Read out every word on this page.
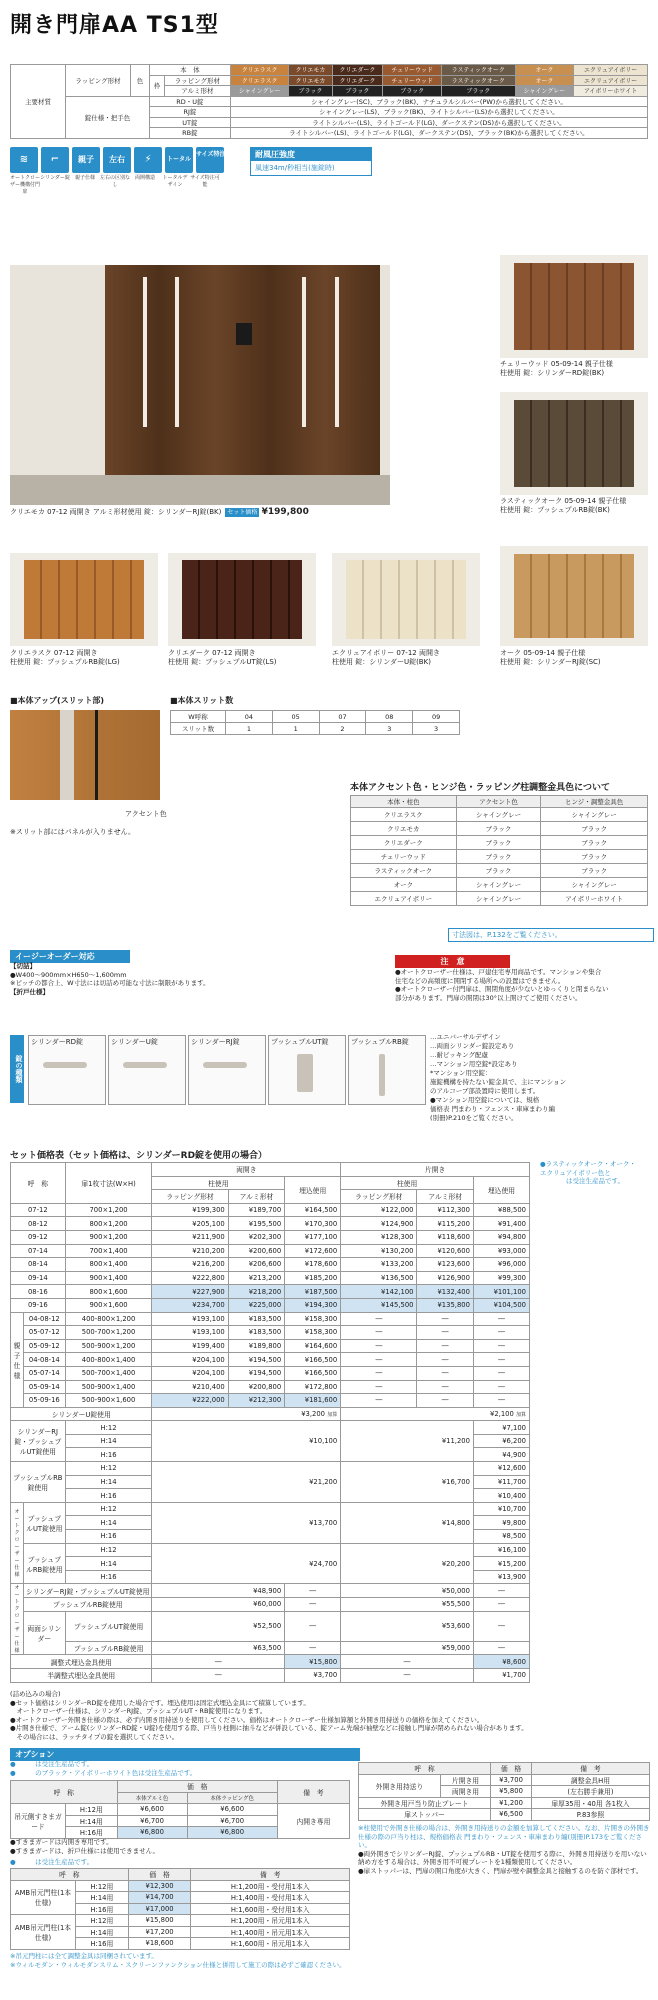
開き門扉AA TS1型
主要材質	ラッピング形材	色	本　体		クリエラスク	クリエモカ	クリエダーク	チェリーウッド	ラスティックオーク	オーク	エクリュアイボリー
			枠	ラッピング形材	クリエラスク	クリエモカ	クリエダーク	チェリーウッド	ラスティックオーク	オーク	エクリュアイボリー
				アルミ形材	シャイングレー	ブラック	ブラック	ブラック	ブラック	シャイングレー	アイボリーホワイト
	錠仕様・把手色		RD・U錠		シャイングレー(SC)、ブラック(BK)、ナチュラルシルバー(PW)から選択してください。						
			RJ錠		シャイングレー(LS)、ブラック(BK)、ライトシルバー(LS)から選択してください。						
			UT錠		ライトシルバー(LS)、ライトゴールド(LG)、ダークステン(DS)から選択してください。						
			RB錠		ライトシルバー(LS)、ライトゴールド(LG)、ダークステン(DS)、ブラック(BK)から選択してください。						
≋ ⌐ 親子 左右 ⚡	トータルサイズ特注
オートクローザー機構付門扉シリンダー錠 親子仕様 左右の区別なし両開構造 トータルデザインサイズ特注可能
耐風圧強度
風速34m/秒相当(施錠時)
クリエモカ 07-12 両開き アルミ形材使用 錠：シリンダーRJ錠(BK) セット価格 ¥199,800
チェリーウッド 05-09-14 親子仕様
柱使用 錠：シリンダーRD錠(BK)
ラスティックオーク 05-09-14 親子仕様
柱使用 錠：プッシュプルRB錠(BK)
クリエラスク 07-12 両開き
柱使用 錠：プッシュプルRB錠(LG)
クリエダーク 07-12 両開き
柱使用 錠：プッシュプルUT錠(LS)
エクリュアイボリー 07-12 両開き
柱使用 錠：シリンダーU錠(BK)
オーク 05-09-14 親子仕様
柱使用 錠：シリンダーRJ錠(SC)
■本体アップ(スリット部)
アクセント色
※スリット部にはパネルが入りません。
■本体スリット数
W呼称	04	05	07	08	09
スリット数	1	1	2	3	3
本体アクセント色・ヒンジ色・ラッピング柱調整金具色について
本体・柱色	アクセント色	ヒンジ・調整金具色
クリエラスク	シャイングレー	シャイングレー
クリエモカ	ブラック	ブラック
クリエダーク	ブラック	ブラック
チェリーウッド	ブラック	ブラック
ラスティックオーク	ブラック	ブラック
オーク	シャイングレー	シャイングレー
エクリュアイボリー	シャイングレー	アイボリーホワイト
寸法図は、P.132をご覧ください。
イージーオーダー対応
【切詰】
●W400〜900mm×H650〜1,600mm
※ピッチの都合上、W寸法には切詰め可能な寸法に制限があります。
【折戸仕様】
注　意
●オートクローザー仕様は、戸建住宅専用商品です。マンションや集合
住宅などの高頻度に開閉する場所への設置はできません。
●オートクローザー付門扉は、開閉角度が少ないとゆっくりと閉まらない
部分があります。門扉の開閉は30°以上開けてご使用ください。
錠の種類
シリンダーRD錠	シリンダーU錠	シリンダーRJ錠	プッシュプルUT錠	プッシュプルRB錠
…ユニバーサルデザイン
…両面シリンダー錠設定あり
…耐ピッキング配慮
…マンション用空錠*設定あり
*マンション用空錠：
施錠機構を持たない錠金具で、主にマンション
のアルコーブ部設置時に使用します。
●マンション用空錠については、規格
価格表 門まわり・フェンス・車庫まわり編
(別冊)P.210をご覧ください。
セット価格表（セット価格は、シリンダーRD錠を使用の場合）
●ラスティックオーク・オーク・
エクリュアイボリー色と
　　　　は受注生産品です。
呼　称		扉1枚寸法(W×H)	両開き			片開き		
			柱使用		埋込使用	柱使用		埋込使用
			ラッピング形材	アルミ形材		ラッピング形材	アルミ形材	
07-12		700×1,200	¥199,300	¥189,700	¥164,500	¥122,000	¥112,300	¥88,500
08-12		800×1,200	¥205,100	¥195,500	¥170,300	¥124,900	¥115,200	¥91,400
09-12		900×1,200	¥211,900	¥202,300	¥177,100	¥128,300	¥118,600	¥94,800
07-14		700×1,400	¥210,200	¥200,600	¥172,600	¥130,200	¥120,600	¥93,000
08-14		800×1,400	¥216,200	¥206,600	¥178,600	¥133,200	¥123,600	¥96,000
09-14		900×1,400	¥222,800	¥213,200	¥185,200	¥136,500	¥126,900	¥99,300
08-16		800×1,600	¥227,900	¥218,200	¥187,500	¥142,100	¥132,400	¥101,100
09-16		900×1,600	¥234,700	¥225,000	¥194,300	¥145,500	¥135,800	¥104,500
親子仕様	04-08-12	400-800×1,200	¥193,100	¥183,500	¥158,300	―	―	―
	05-07-12	500-700×1,200	¥193,100	¥183,500	¥158,300	―	―	―
	05-09-12	500-900×1,200	¥199,400	¥189,800	¥164,600	―	―	―
	04-08-14	400-800×1,400	¥204,100	¥194,500	¥166,500	―	―	―
	05-07-14	500-700×1,400	¥204,100	¥194,500	¥166,500	―	―	―
	05-09-14	500-900×1,400	¥210,400	¥200,800	¥172,800	―	―	―
	05-09-16	500-900×1,600	¥222,000	¥212,300	¥181,600	―	―	―
シリンダーU錠使用			¥3,200 加算			¥2,100 加算		
シリンダーRJ錠・プッシュプルUT錠使用		H:12	¥10,100			¥11,200		¥7,100
		H:14						¥6,200
		H:16						¥4,900
プッシュプルRB錠使用		H:12	¥21,200			¥16,700		¥12,600
		H:14						¥11,700
		H:16						¥10,400
オートクローザー仕様	プッシュプルUT錠使用	H:12	¥13,700			¥14,800		¥10,700
		H:14						¥9,800
		H:16						¥8,500
	プッシュプルRB錠使用	H:12	¥24,700			¥20,200		¥16,100
		H:14						¥15,200
		H:16						¥13,900
オートクローザー仕様	シリンダーRJ錠・プッシュプルUT錠使用		¥48,900		―	¥50,000		―
	プッシュプルRB錠使用		¥60,000		―	¥55,500		―
	両面シリンダー	プッシュプルUT錠使用	¥52,500		―	¥53,600		―
		プッシュプルRB錠使用	¥63,500		―	¥59,000		―
調整式埋込金具使用			―		¥15,800	―		¥8,600
半調整式埋込金具使用			―		¥3,700	―		¥1,700
(詰め込みの場合)
●セット価格はシリンダーRD錠を使用した場合です。埋込使用は固定式埋込金具にて積算しています。
　オートクローザー仕様は、シリンダーRJ錠、プッシュプルUT・RB錠使用になります。
●オートクローザー外開き仕様の際は、必ず内開き用持送りを使用してください。価格はオートクローザー仕様加算額と外開き用持送りの価格を加えてください。
●片開き仕様で、アーム錠(シリンダーRD錠・U錠)を使用する際、戸当り柱側に抽斗などが併設している、錠アーム先端が袖壁などに接触し門扉が閉められない場合があります。
　その場合には、ラッチタイプの錠を選択してください。
オプション
●　　　は受注生産品です。
●　　　のブラック・アイボリーホワイト色は受注生産品です。
呼　称		価　格		備　考
		本体アルミ色	本体ラッピング色	
吊元側すきまガード	H:12用	¥6,600	¥6,600	内開き専用
	H:14用	¥6,700	¥6,700	
	H:16用	¥6,800	¥6,800	
●すきまガードは内開き専用です。
●すきまガードは、折戸仕様には使用できません。
呼　称		価　格	備　考
外開き用持送り	片開き用	¥3,700	調整金具H用
	両開き用	¥5,800	(左右勝手兼用)
外開き用戸当り防止プレート		¥1,200	扉厚35用・40用 各1枚入
扉ストッパー		¥6,500	P.83参照
※柱使用で外開き仕様の場合は、外開き用持送りの金額を加算してください。なお、片開きの外開き仕様の際の戸当り柱は、規格価格表 門まわり・フェンス・車庫まわり編(別冊)P.173をご覧ください。
●両外開きでシリンダーRJ錠、プッシュプルRB・UT錠を使用する際に、外開き用持送りを用いない納め方をする場合は、外開き用不可視プレートを1種類使用してください。
●扉ストッパーは、門扉の開口角度が大きく、門扉が壁や調整金具と接触するのを防ぐ部材です。
●　　　は受注生産品です。
呼　称		価　格	備　考
AMB吊元門柱(1本仕様)	H:12用	¥12,300	H:1,200用・受付用1本入
	H:14用	¥14,700	H:1,400用・受付用1本入
	H:16用	¥17,000	H:1,600用・受付用1本入
AMB吊元門柱(1本仕様)	H:12用	¥15,800	H:1,200用・吊元用1本入
	H:14用	¥17,200	H:1,400用・吊元用1本入
	H:16用	¥18,600	H:1,600用・吊元用1本入
※吊元門柱には全て調整金具は同梱されています。
※ウィルモダン・ウィルモダンスリム・スクリーンファンクション仕様と併用して施工の際は必ずご確認ください。
